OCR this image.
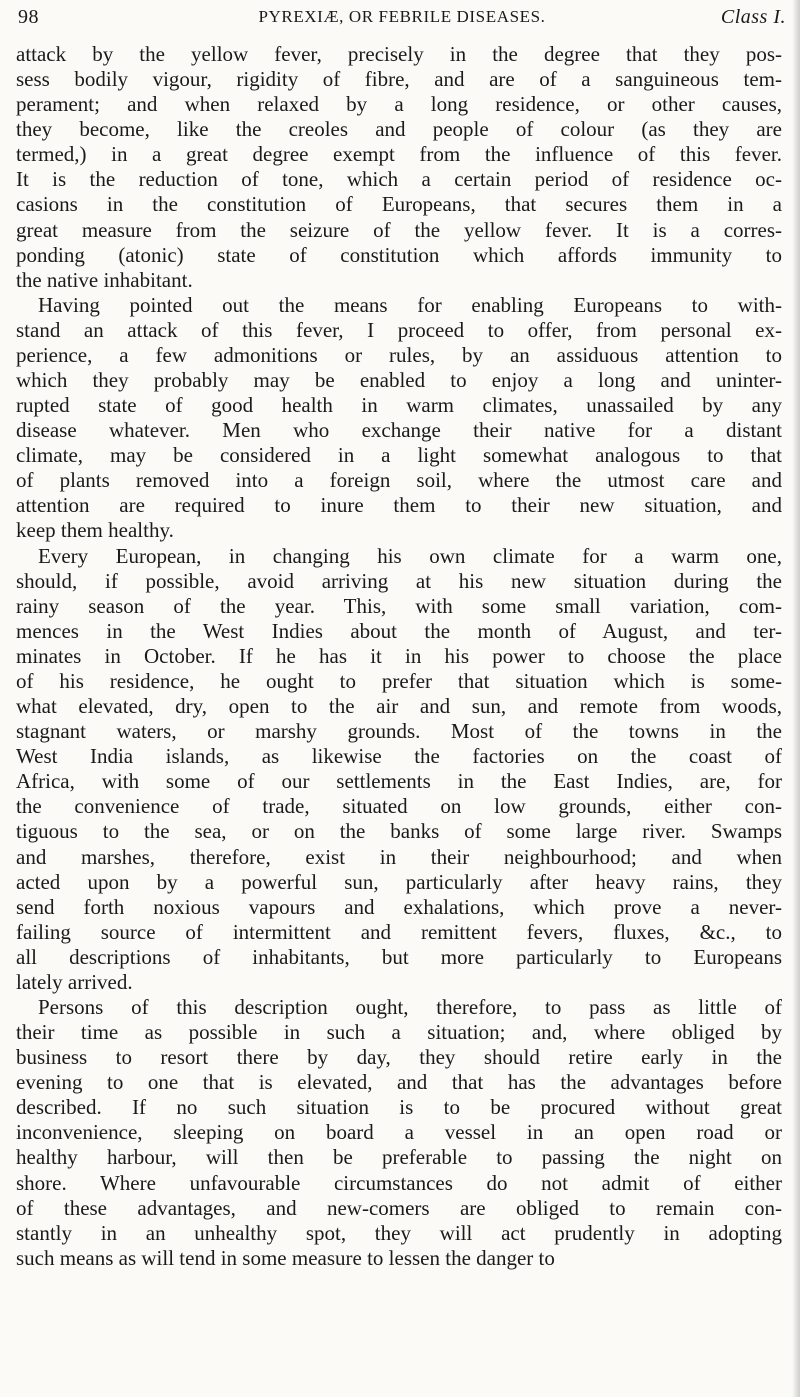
98	PYREXIÆ, OR FEBRILE DISEASES.	Class I.
attack by the yellow fever, precisely in the degree that they pos-
sess bodily vigour, rigidity of fibre, and are of a sanguineous tem-
perament; and when relaxed by a long residence, or other causes,
they become, like the creoles and people of colour (as they are
termed,) in a great degree exempt from the influence of this fever.
It is the reduction of tone, which a certain period of residence oc-
casions in the constitution of Europeans, that secures them in a
great measure from the seizure of the yellow fever. It is a corres-
ponding (atonic) state of constitution which affords immunity to
the native inhabitant.
Having pointed out the means for enabling Europeans to with-
stand an attack of this fever, I proceed to offer, from personal ex-
perience, a few admonitions or rules, by an assiduous attention to
which they probably may be enabled to enjoy a long and uninter-
rupted state of good health in warm climates, unassailed by any
disease whatever. Men who exchange their native for a distant
climate, may be considered in a light somewhat analogous to that
of plants removed into a foreign soil, where the utmost care and
attention are required to inure them to their new situation, and
keep them healthy.
Every European, in changing his own climate for a warm one,
should, if possible, avoid arriving at his new situation during the
rainy season of the year. This, with some small variation, com-
mences in the West Indies about the month of August, and ter-
minates in October. If he has it in his power to choose the place
of his residence, he ought to prefer that situation which is some-
what elevated, dry, open to the air and sun, and remote from woods,
stagnant waters, or marshy grounds. Most of the towns in the
West India islands, as likewise the factories on the coast of
Africa, with some of our settlements in the East Indies, are, for
the convenience of trade, situated on low grounds, either con-
tiguous to the sea, or on the banks of some large river. Swamps
and marshes, therefore, exist in their neighbourhood; and when
acted upon by a powerful sun, particularly after heavy rains, they
send forth noxious vapours and exhalations, which prove a never-
failing source of intermittent and remittent fevers, fluxes, &c., to
all descriptions of inhabitants, but more particularly to Europeans
lately arrived.
Persons of this description ought, therefore, to pass as little of
their time as possible in such a situation; and, where obliged by
business to resort there by day, they should retire early in the
evening to one that is elevated, and that has the advantages before
described. If no such situation is to be procured without great
inconvenience, sleeping on board a vessel in an open road or
healthy harbour, will then be preferable to passing the night on
shore. Where unfavourable circumstances do not admit of either
of these advantages, and new-comers are obliged to remain con-
stantly in an unhealthy spot, they will act prudently in adopting
such means as will tend in some measure to lessen the danger to
